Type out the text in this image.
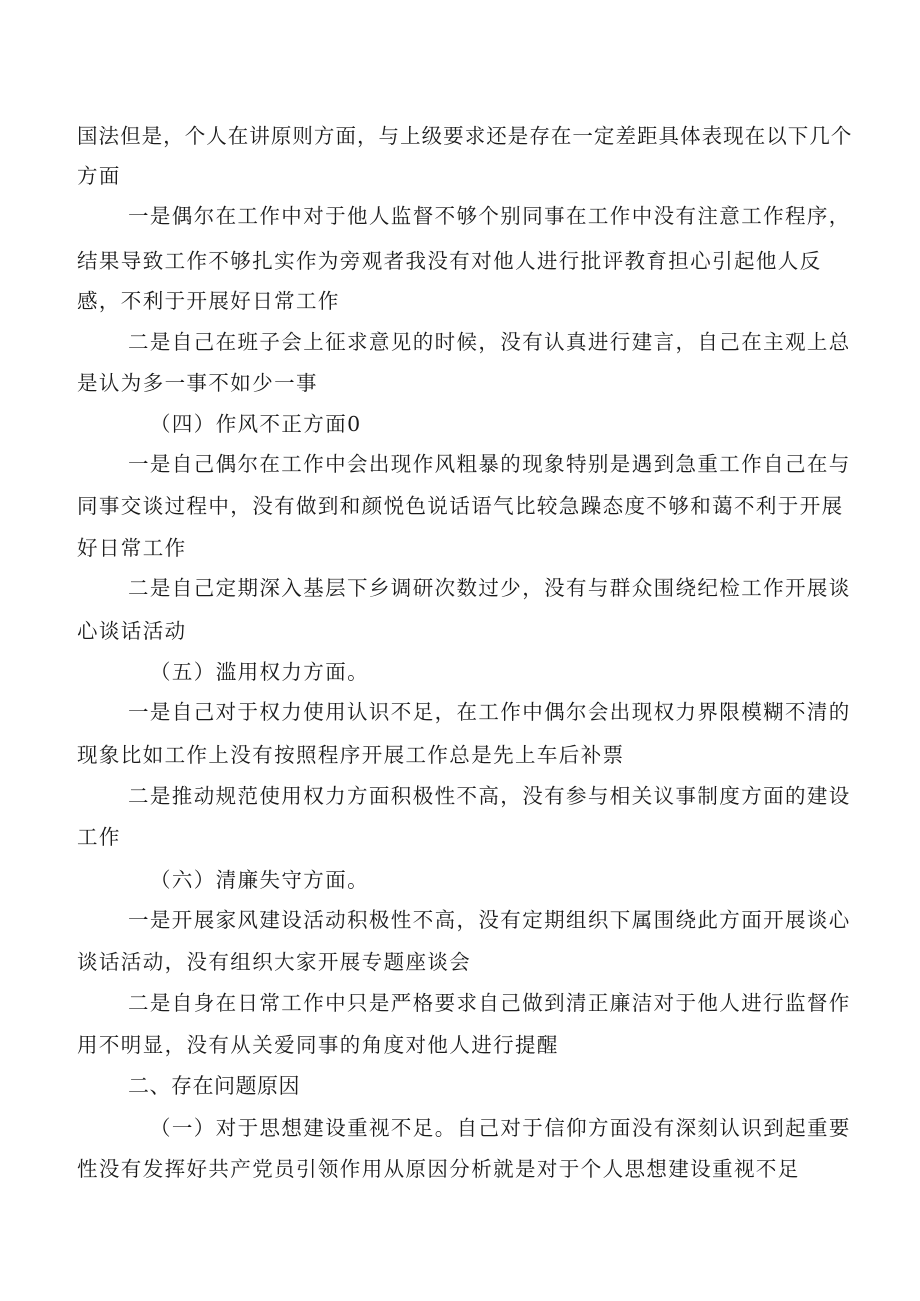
国法但是，个人在讲原则方面，与上级要求还是存在一定差距具体表现在以下几个
方面
一是偶尔在工作中对于他人监督不够个别同事在工作中没有注意工作程序，
结果导致工作不够扎实作为旁观者我没有对他人进行批评教育担心引起他人反
感，不利于开展好日常工作
二是自己在班子会上征求意见的时候，没有认真进行建言，自己在主观上总
是认为多一事不如少一事
（四）作风不正方面0
一是自己偶尔在工作中会出现作风粗暴的现象特别是遇到急重工作自己在与
同事交谈过程中，没有做到和颜悦色说话语气比较急躁态度不够和蔼不利于开展
好日常工作
二是自己定期深入基层下乡调研次数过少，没有与群众围绕纪检工作开展谈
心谈话活动
（五）滥用权力方面。
一是自己对于权力使用认识不足，在工作中偶尔会出现权力界限模糊不清的
现象比如工作上没有按照程序开展工作总是先上车后补票
二是推动规范使用权力方面积极性不高，没有参与相关议事制度方面的建设
工作
（六）清廉失守方面。
一是开展家风建设活动积极性不高，没有定期组织下属围绕此方面开展谈心
谈话活动，没有组织大家开展专题座谈会
二是自身在日常工作中只是严格要求自己做到清正廉洁对于他人进行监督作
用不明显，没有从关爱同事的角度对他人进行提醒
二、存在问题原因
（一）对于思想建设重视不足。自己对于信仰方面没有深刻认识到起重要
性没有发挥好共产党员引领作用从原因分析就是对于个人思想建设重视不足
